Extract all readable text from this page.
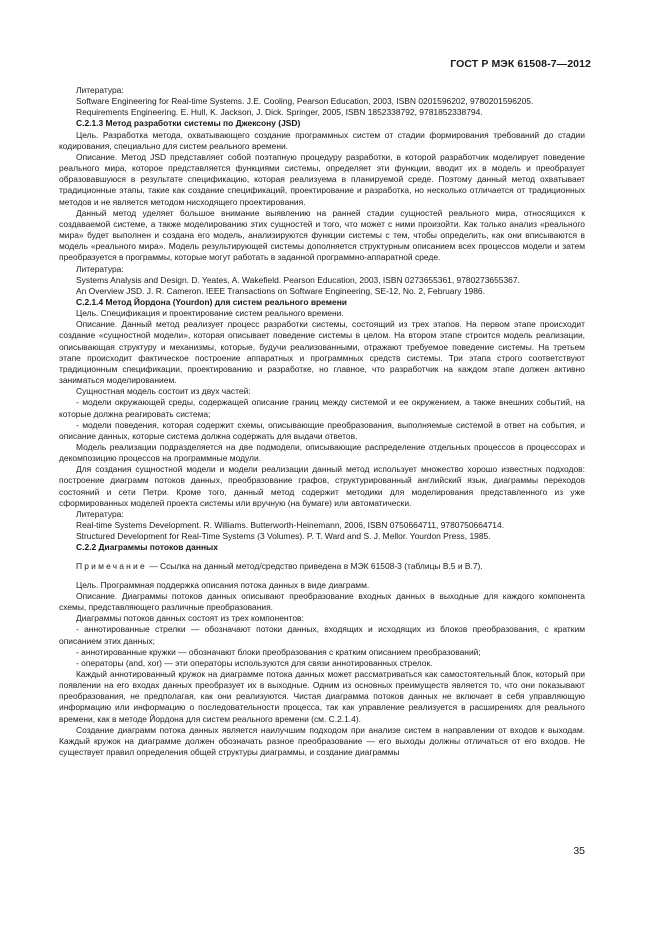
ГОСТ Р МЭК 61508-7—2012

Литература:

Software Engineering for Real-time Systems. J.E. Cooling, Pearson Education, 2003, ISBN 0201596202, 9780201596205.

Requirements Engineering. E. Hull, K. Jackson, J. Dick. Springer, 2005, ISBN 1852338792, 9781852338794.

C.2.1.3 Метод разработки системы по Джексону (JSD)

Цель. Разработка метода, охватывающего создание программных систем от стадии формирования требований до стадии кодирования, специально для систем реального времени.

Описание. Метод JSD представляет собой поэтапную процедуру разработки, в которой разработчик моделирует поведение реального мира, которое представляется функциями системы, определяет эти функции, вводит их в модель и преобразует образовавшуюся в результате спецификацию, которая реализуема в планируемой среде. Поэтому данный метод охватывает традиционные этапы, такие как создание спецификаций, проектирование и разработка, но несколько отличается от традиционных методов и не является методом нисходящего проектирования.

Данный метод уделяет большое внимание выявлению на ранней стадии сущностей реального мира, относящихся к создаваемой системе, а также моделированию этих сущностей и того, что может с ними произойти. Как только анализ «реального мира» будет выполнен и создана его модель, анализируются функции системы с тем, чтобы определить, как они вписываются в модель «реального мира». Модель результирующей системы дополняется структурным описанием всех процессов модели и затем преобразуется в программы, которые могут работать в заданной программно-аппаратной среде.

Литература:

Systems Analysis and Design. D. Yeates, A. Wakefield. Pearson Education, 2003, ISBN 0273655361, 9780273655367.

An Overview JSD. J. R. Cameron. IEEE Transactions on Software Engineering, SE-12, No. 2, February 1986.

C.2.1.4 Метод Йордона (Yourdon) для систем реального времени

Цель. Спецификация и проектирование систем реального времени.

Описание. Данный метод реализует процесс разработки системы, состоящий из трех этапов. На первом этапе происходит создание «сущностной модели», которая описывает поведение системы в целом. На втором этапе строится модель реализации, описывающая структуру и механизмы, которые, будучи реализованными, отражают требуемое поведение системы. На третьем этапе происходит фактическое построение аппаратных и программных средств системы. Три этапа строго соответствуют традиционным спецификации, проектированию и разработке, но главное, что разработчик на каждом этапе должен активно заниматься моделированием.

Сущностная модель состоит из двух частей:

- модели окружающей среды, содержащей описание границ между системой и ее окружением, а также внешних событий, на которые должна реагировать система;

- модели поведения, которая содержит схемы, описывающие преобразования, выполняемые системой в ответ на события, и описание данных, которые система должна содержать для выдачи ответов.

Модель реализации подразделяется на две подмодели, описывающие распределение отдельных процессов в процессорах и декомпозицию процессов на программные модули.

Для создания сущностной модели и модели реализации данный метод использует множество хорошо известных подходов: построение диаграмм потоков данных, преобразование графов, структурированный английский язык, диаграммы переходов состояний и сети Петри. Кроме того, данный метод содержит методики для моделирования представленного из уже сформированных моделей проекта системы или вручную (на бумаге) или автоматически.

Литература:

Real-time Systems Development. R. Williams. Butterworth-Heinemann, 2006, ISBN 0750664711, 9780750664714.

Structured Development for Real-Time Systems (3 Volumes). P. T. Ward and S. J. Mellor. Yourdon Press, 1985.

C.2.2 Диаграммы потоков данных

Примечание — Ссылка на данный метод/средство приведена в МЭК 61508-3 (таблицы B.5 и B.7).

Цель. Программная поддержка описания потока данных в виде диаграмм.

Описание. Диаграммы потоков данных описывают преобразование входных данных в выходные для каждого компонента схемы, представляющего различные преобразования.

Диаграммы потоков данных состоят из трех компонентов:

- аннотированные стрелки — обозначают потоки данных, входящих и исходящих из блоков преобразования, с кратким описанием этих данных;

- аннотированные кружки — обозначают блоки преобразования с кратким описанием преобразований;

- операторы (and, xor) — эти операторы используются для связи аннотированных стрелок.

Каждый аннотированный кружок на диаграмме потока данных может рассматриваться как самостоятельный блок, который при появлении на его входах данных преобразует их в выходные. Одним из основных преимуществ является то, что они показывают преобразования, не предполагая, как они реализуются. Чистая диаграмма потоков данных не включает в себя управляющую информацию или информацию о последовательности процесса, так как управление реализуется в расширениях для реального времени, как в методе Йордона для систем реального времени (см. C.2.1.4).

Создание диаграмм потока данных является наилучшим подходом при анализе систем в направлении от входов к выходам. Каждый кружок на диаграмме должен обозначать разное преобразование — его выходы должны отличаться от его входов. Не существует правил определения общей структуры диаграммы, и создание диаграммы

35
